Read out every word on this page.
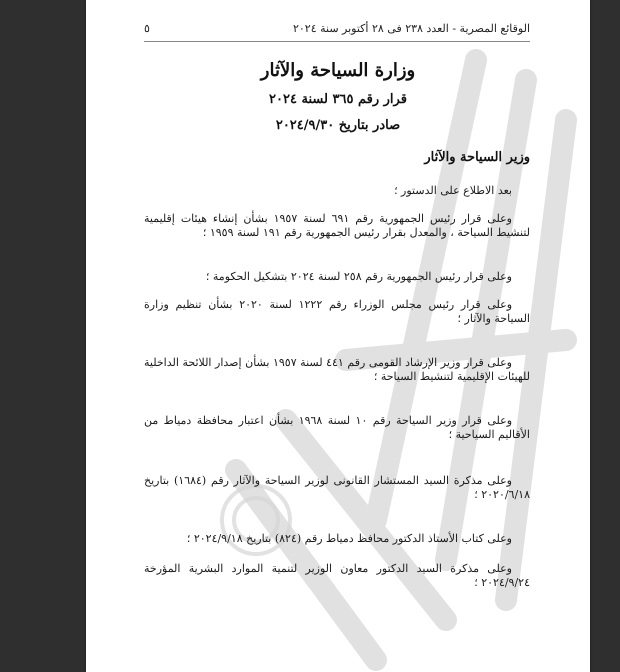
الوقائع المصرية - العدد ٢٣٨ فى ٢٨ أكتوبر سنة ٢٠٢٤
٥
وزارة السياحة والآثار
قرار رقم ٣٦٥ لسنة ٢٠٢٤
صادر بتاريخ ٢٠٢٤/٩/٣٠
وزير السياحة والآثار

بعد الاطلاع على الدستور ؛

وعلى قرار رئيس الجمهورية رقم ٦٩١ لسنة ١٩٥٧ بشأن إنشاء هيئات إقليمية لتنشيط السياحة ، والمعدل بقرار رئيس الجمهورية رقم ١٩١ لسنة ١٩٥٩ ؛

وعلى قرار رئيس الجمهورية رقم ٢٥٨ لسنة ٢٠٢٤ بتشكيل الحكومة ؛

وعلى قرار رئيس مجلس الوزراء رقم ١٢٢٢ لسنة ٢٠٢٠ بشأن تنظيم وزارة السياحة والآثار ؛

وعلى قرار وزير الإرشاد القومى رقم ٤٤١ لسنة ١٩٥٧ بشأن إصدار اللائحة الداخلية للهيئات الإقليمية لتنشيط السياحة ؛

وعلى قرار وزير السياحة رقم ١٠ لسنة ١٩٦٨ بشأن اعتبار محافظة دمياط من الأقاليم السياحية ؛

وعلى مذكرة السيد المستشار القانونى لوزير السياحة والآثار رقم (١٦٨٤) بتاريخ ٢٠٢٠/٦/١٨ ؛

وعلى كتاب الأستاذ الدكتور محافظ دمياط رقم (٨٢٤) بتاريخ ٢٠٢٤/٩/١٨ ؛

وعلى مذكرة السيد الدكتور معاون الوزير لتنمية الموارد البشرية المؤرخة ٢٠٢٤/٩/٢٤ ؛
